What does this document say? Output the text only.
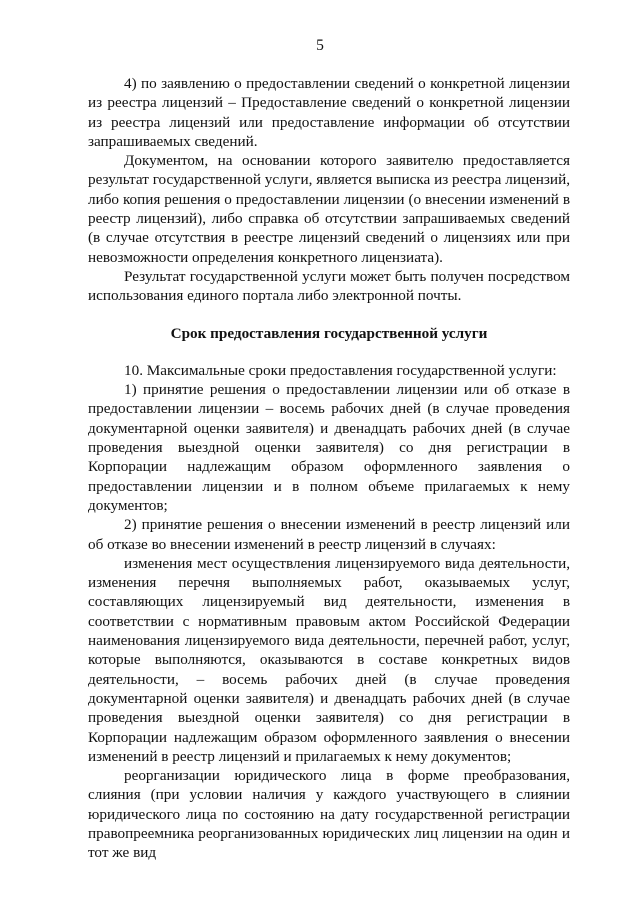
5

4) по заявлению о предоставлении сведений о конкретной лицензии из реестра лицензий – Предоставление сведений о конкретной лицензии из реестра лицензий или предоставление информации об отсутствии запрашиваемых сведений.

Документом, на основании которого заявителю предоставляется результат государственной услуги, является выписка из реестра лицензий, либо копия решения о предоставлении лицензии (о внесении изменений в реестр лицензий), либо справка об отсутствии запрашиваемых сведений (в случае отсутствия в реестре лицензий сведений о лицензиях или при невозможности определения конкретного лицензиата).

Результат государственной услуги может быть получен посредством использования единого портала либо электронной почты.

Срок предоставления государственной услуги

10. Максимальные сроки предоставления государственной услуги:

1) принятие решения о предоставлении лицензии или об отказе в предоставлении лицензии – восемь рабочих дней (в случае проведения документарной оценки заявителя) и двенадцать рабочих дней (в случае проведения выездной оценки заявителя) со дня регистрации в Корпорации надлежащим образом оформленного заявления о предоставлении лицензии и в полном объеме прилагаемых к нему документов;

2) принятие решения о внесении изменений в реестр лицензий или об отказе во внесении изменений в реестр лицензий в случаях:

изменения мест осуществления лицензируемого вида деятельности, изменения перечня выполняемых работ, оказываемых услуг, составляющих лицензируемый вид деятельности, изменения в соответствии с нормативным правовым актом Российской Федерации наименования лицензируемого вида деятельности, перечней работ, услуг, которые выполняются, оказываются в составе конкретных видов деятельности, – восемь рабочих дней (в случае проведения документарной оценки заявителя) и двенадцать рабочих дней (в случае проведения выездной оценки заявителя) со дня регистрации в Корпорации надлежащим образом оформленного заявления о внесении изменений в реестр лицензий и прилагаемых к нему документов;

реорганизации юридического лица в форме преобразования, слияния (при условии наличия у каждого участвующего в слиянии юридического лица по состоянию на дату государственной регистрации правопреемника реорганизованных юридических лиц лицензии на один и тот же вид
